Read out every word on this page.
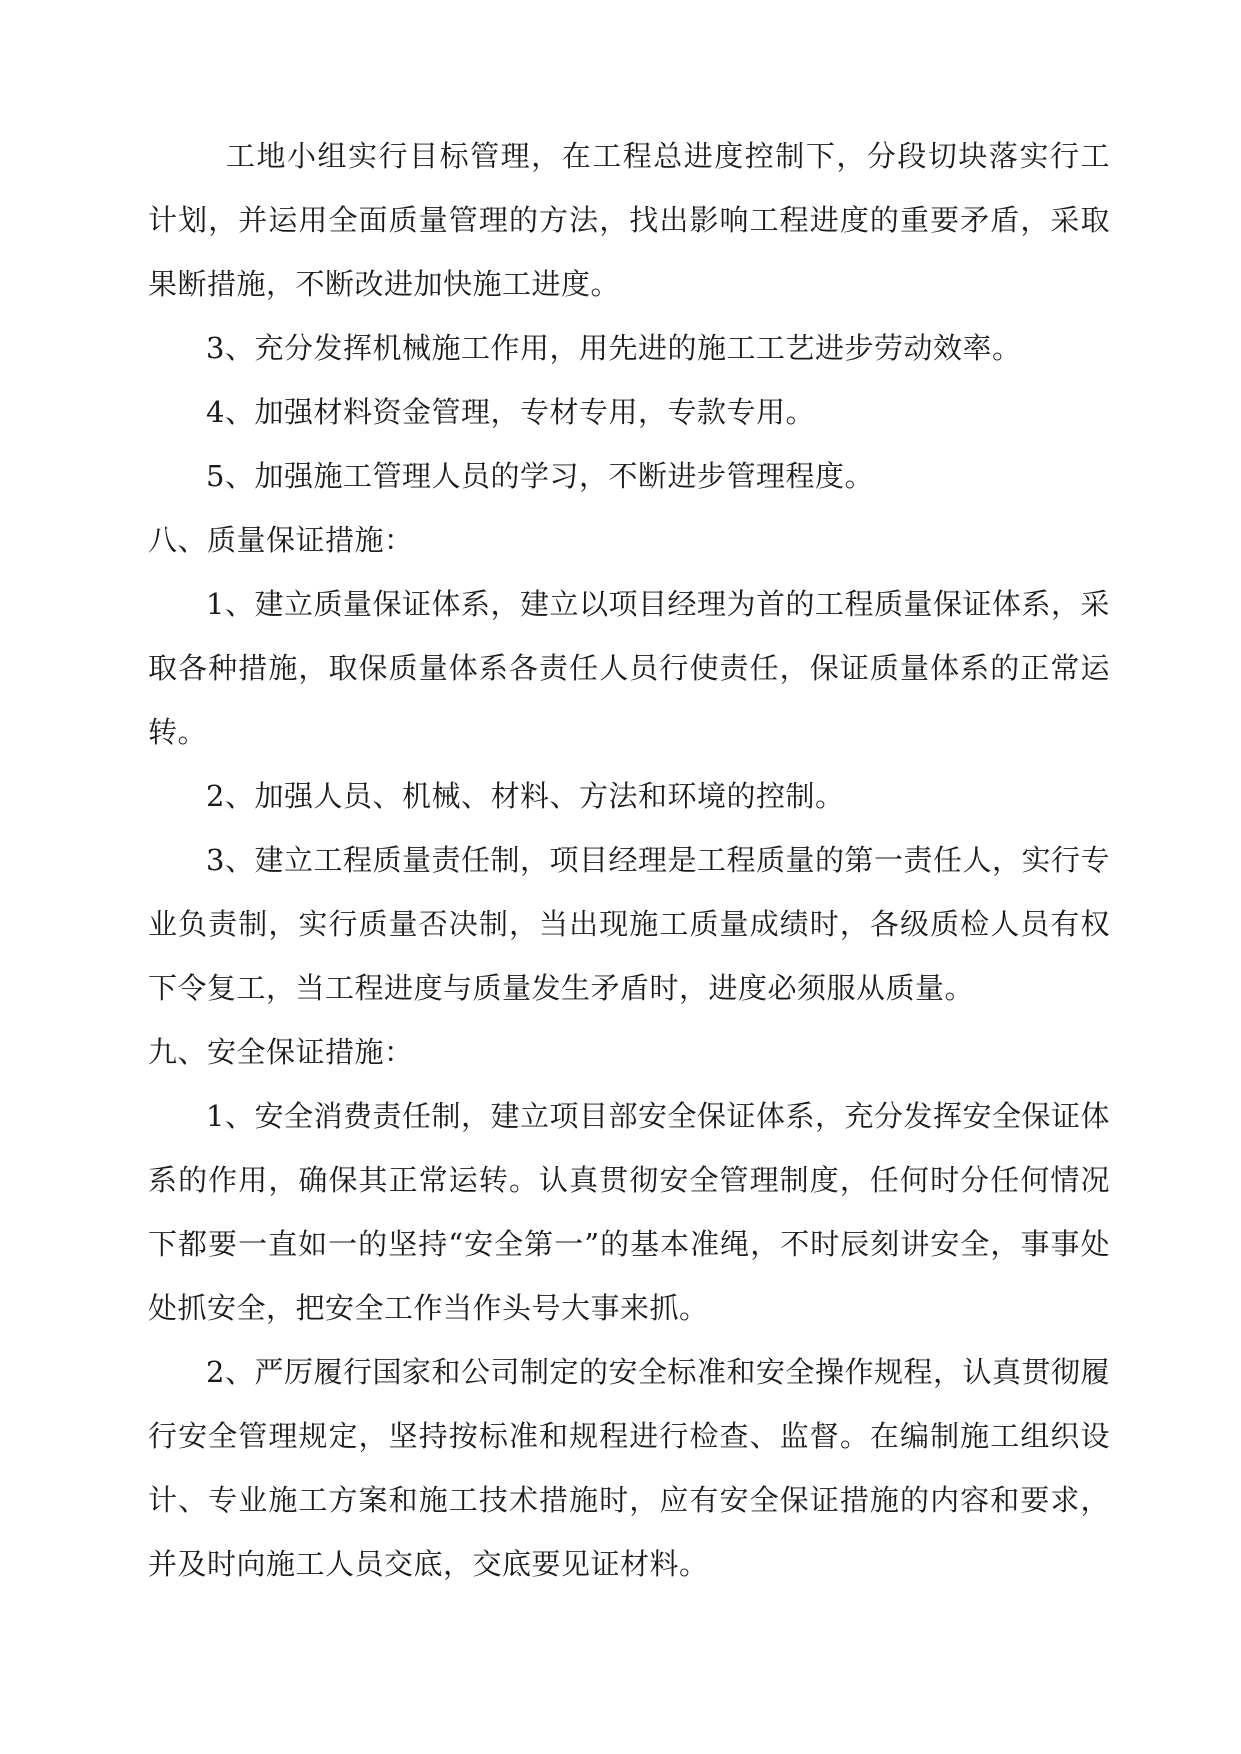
工地小组实行目标管理，在工程总进度控制下，分段切块落实行工计划，并运用全面质量管理的方法，找出影响工程进度的重要矛盾，采取果断措施，不断改进加快施工进度。

3、充分发挥机械施工作用，用先进的施工工艺进步劳动效率。

4、加强材料资金管理，专材专用，专款专用。

5、加强施工管理人员的学习，不断进步管理程度。

八、质量保证措施：

1、建立质量保证体系，建立以项目经理为首的工程质量保证体系，采取各种措施，取保质量体系各责任人员行使责任，保证质量体系的正常运转。

2、加强人员、机械、材料、方法和环境的控制。

3、建立工程质量责任制，项目经理是工程质量的第一责任人，实行专业负责制，实行质量否决制，当出现施工质量成绩时，各级质检人员有权下令复工，当工程进度与质量发生矛盾时，进度必须服从质量。

九、安全保证措施：

1、安全消费责任制，建立项目部安全保证体系，充分发挥安全保证体系的作用，确保其正常运转。认真贯彻安全管理制度，任何时分任何情况下都要一直如一的坚持“安全第一”的基本准绳，不时辰刻讲安全，事事处处抓安全，把安全工作当作头号大事来抓。

2、严厉履行国家和公司制定的安全标准和安全操作规程，认真贯彻履行安全管理规定，坚持按标准和规程进行检查、监督。在编制施工组织设计、专业施工方案和施工技术措施时，应有安全保证措施的内容和要求，并及时向施工人员交底，交底要见证材料。
